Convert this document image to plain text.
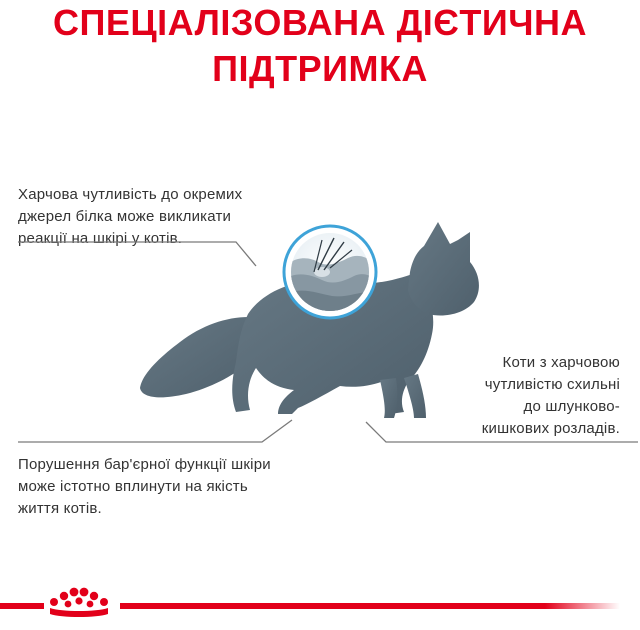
СПЕЦІАЛІЗОВАНА ДІЄТИЧНА
ПІДТРИМКА
Харчова чутливість до окремих
джерел білка може викликати
реакції на шкірі у котів.
Порушення бар'єрної функції шкіри
може істотно вплинути на якість
життя котів.
Коти з харчовою
чутливістю схильні
до шлунково-
кишкових розладів.
